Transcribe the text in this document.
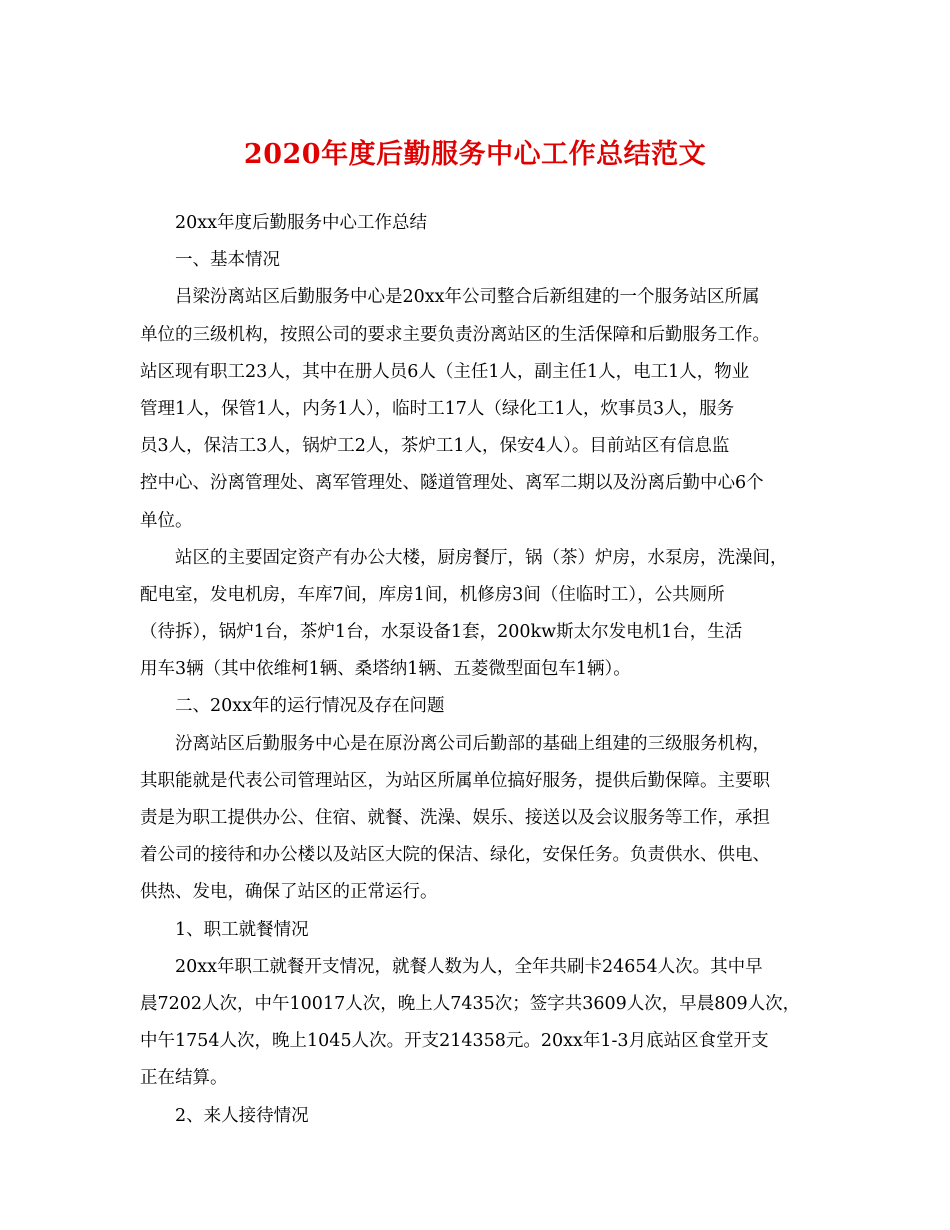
2020年度后勤服务中心工作总结范文
20xx年度后勤服务中心工作总结
一、基本情况
吕梁汾离站区后勤服务中心是20xx年公司整合后新组建的一个服务站区所属
单位的三级机构，按照公司的要求主要负责汾离站区的生活保障和后勤服务工作。
站区现有职工23人，其中在册人员6人（主任1人，副主任1人，电工1人，物业
管理1人，保管1人，内务1人），临时工17人（绿化工1人，炊事员3人，服务
员3人，保洁工3人，锅炉工2人，茶炉工1人，保安4人）。目前站区有信息监
控中心、汾离管理处、离军管理处、隧道管理处、离军二期以及汾离后勤中心6个
单位。
站区的主要固定资产有办公大楼，厨房餐厅，锅（茶）炉房，水泵房，洗澡间，
配电室，发电机房，车库7间，库房1间，机修房3间（住临时工），公共厕所
（待拆），锅炉1台，茶炉1台，水泵设备1套，200kw斯太尔发电机1台，生活
用车3辆（其中依维柯1辆、桑塔纳1辆、五菱微型面包车1辆）。
二、20xx年的运行情况及存在问题
汾离站区后勤服务中心是在原汾离公司后勤部的基础上组建的三级服务机构，
其职能就是代表公司管理站区，为站区所属单位搞好服务，提供后勤保障。主要职
责是为职工提供办公、住宿、就餐、洗澡、娱乐、接送以及会议服务等工作，承担
着公司的接待和办公楼以及站区大院的保洁、绿化，安保任务。负责供水、供电、
供热、发电，确保了站区的正常运行。
1、职工就餐情况
20xx年职工就餐开支情况，就餐人数为人，全年共刷卡24654人次。其中早
晨7202人次，中午10017人次，晚上人7435次；签字共3609人次，早晨809人次，
中午1754人次，晚上1045人次。开支214358元。20xx年1-3月底站区食堂开支
正在结算。
2、来人接待情况
